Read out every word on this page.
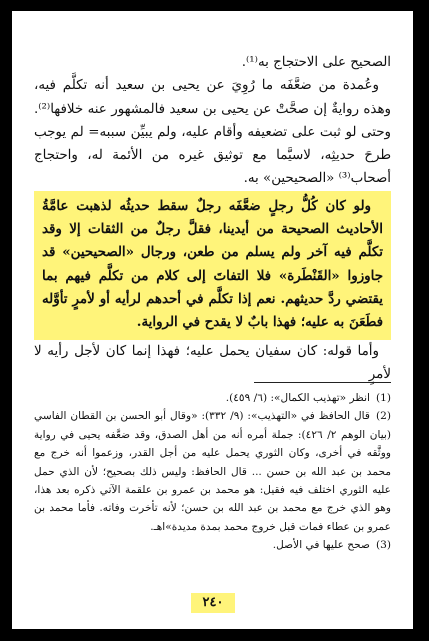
الصحيح على الاحتجاج به⁽¹⁾.

وعُمدة من ضعَّفَه ما رُوِيَ عن يحيى بن سعيد أنه تكلَّم فيه، وهذه روايةٌ إن صحَّتْ عن يحيى بن سعيد فالمشهور عنه خلافها⁽²⁾. وحتى لو ثبت على تضعيفه وأقام عليه، ولم يبيِّن سببه= لم يوجب طرحَ حديثِه، لاسيَّما مع توثيق غيره من الأئمة له، واحتجاج أصحاب⁽³⁾ «الصحيحين» به.

ولو كان كُلُّ رجلٍ ضعَّفَه رجلٌ سقط حديثُه لذهبت عامَّةُ الأحاديث الصحيحة من أيدينا، فقلَّ رجلٌ من الثقات إلا وقد تكلَّم فيه آخر ولم يسلم من طعن، ورجال «الصحيحين» قد جاوزوا «القَنْطَرة» فلا التفاتَ إلى كلام من تكلَّم فيهم بما يقتضي ردَّ حديثهم. نعم إذا تكلَّم في أحدهم لرأيه أو لأمرٍ تأوَّله فطَعَنَ به عليه؛ فهذا بابٌ لا يقدح في الرواية.

وأما قوله: كان سفيان يحمل عليه؛ فهذا إنما كان لأجل رأيه لا لأمرٍ

(1)انظر «تهذيب الكمال»: (٦/ ٤٥٩).

(2)قال الحافظ في «التهذيب»: (٩/ ٣٣٢): «وقال أبو الحسن بن القطان الفاسي (بيان الوهم ٢/ ٤٢٦): جملة أمره أنه من أهل الصدق، وقد ضعَّفه يحيى في رواية ووثَّقه في أخرى، وكان الثوري يحمل عليه من أجل القدر، وزعموا أنه خرج مع محمد بن عبد الله بن حسن ... قال الحافظ: وليس ذلك بصحيح؛ لأن الذي حمل عليه الثوري اختلف فيه فقيل: هو محمد بن عمرو بن علقمة الآتي ذكره بعد هذا، وهو الذي خرج مع محمد بن عبد الله بن حسن؛ لأنه تأخرت وفاته. فأما محمد بن عمرو بن عطاء فمات قبل خروج محمد بمدة مديدة»اهـ.

(3)صحح عليها في الأصل.

٢٤٠
